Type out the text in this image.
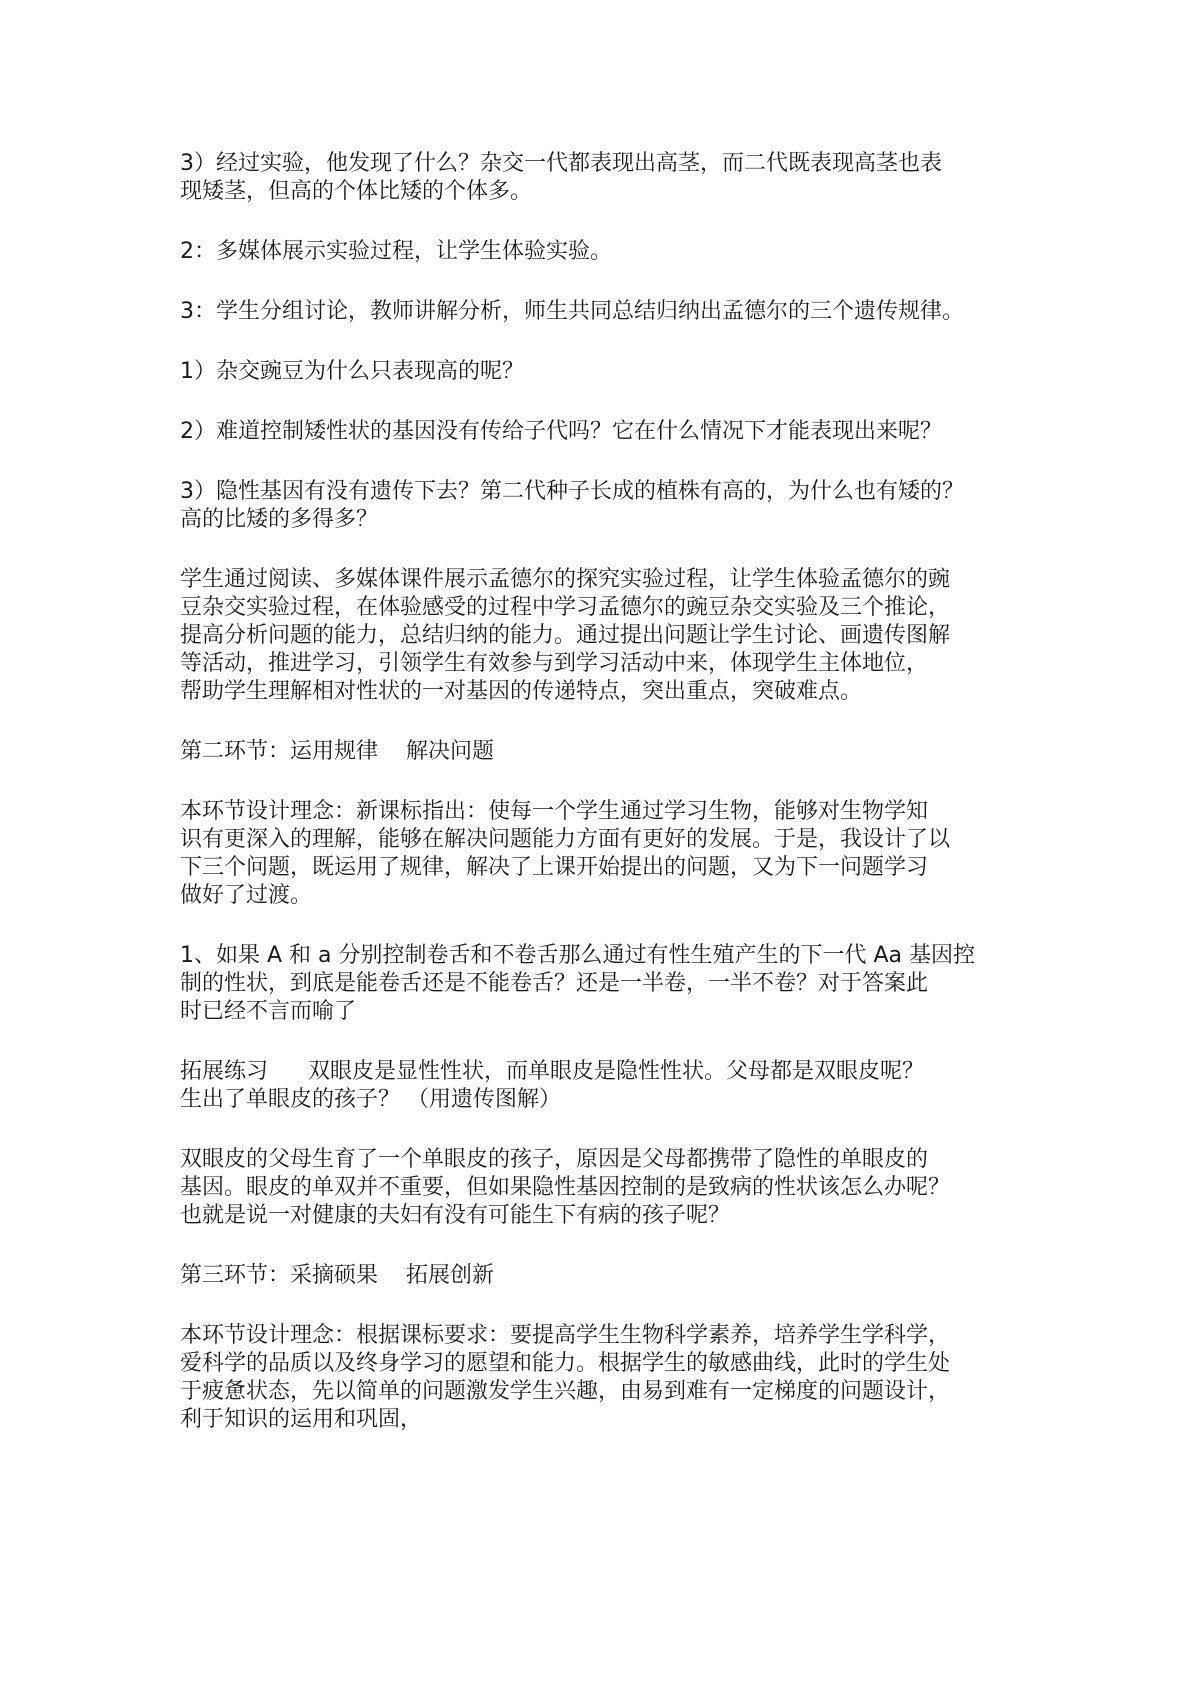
3）经过实验，他发现了什么？杂交一代都表现出高茎，而二代既表现高茎也表
现矮茎，但高的个体比矮的个体多。

2：多媒体展示实验过程，让学生体验实验。

3：学生分组讨论，教师讲解分析，师生共同总结归纳出孟德尔的三个遗传规律。

1）杂交豌豆为什么只表现高的呢？

2）难道控制矮性状的基因没有传给子代吗？它在什么情况下才能表现出来呢？

3）隐性基因有没有遗传下去？第二代种子长成的植株有高的，为什么也有矮的？
高的比矮的多得多？

学生通过阅读、多媒体课件展示孟德尔的探究实验过程，让学生体验孟德尔的豌
豆杂交实验过程，在体验感受的过程中学习孟德尔的豌豆杂交实验及三个推论，
提高分析问题的能力，总结归纳的能力。通过提出问题让学生讨论、画遗传图解
等活动，推进学习，引领学生有效参与到学习活动中来，体现学生主体地位，
帮助学生理解相对性状的一对基因的传递特点，突出重点，突破难点。

第二环节：运用规律 解决问题

本环节设计理念：新课标指出：使每一个学生通过学习生物，能够对生物学知
识有更深入的理解，能够在解决问题能力方面有更好的发展。于是，我设计了以
下三个问题，既运用了规律，解决了上课开始提出的问题，又为下一问题学习
做好了过渡。

1、如果 A 和 a 分别控制卷舌和不卷舌那么通过有性生殖产生的下一代 Aa 基因控
制的性状，到底是能卷舌还是不能卷舌？还是一半卷，一半不卷？对于答案此
时已经不言而喻了

拓展练习 双眼皮是显性性状，而单眼皮是隐性性状。父母都是双眼皮呢？
生出了单眼皮的孩子？ （用遗传图解）

双眼皮的父母生育了一个单眼皮的孩子，原因是父母都携带了隐性的单眼皮的
基因。眼皮的单双并不重要，但如果隐性基因控制的是致病的性状该怎么办呢？
也就是说一对健康的夫妇有没有可能生下有病的孩子呢？

第三环节：采摘硕果 拓展创新

本环节设计理念：根据课标要求：要提高学生生物科学素养，培养学生学科学，
爱科学的品质以及终身学习的愿望和能力。根据学生的敏感曲线，此时的学生处
于疲惫状态，先以简单的问题激发学生兴趣，由易到难有一定梯度的问题设计，
利于知识的运用和巩固，
